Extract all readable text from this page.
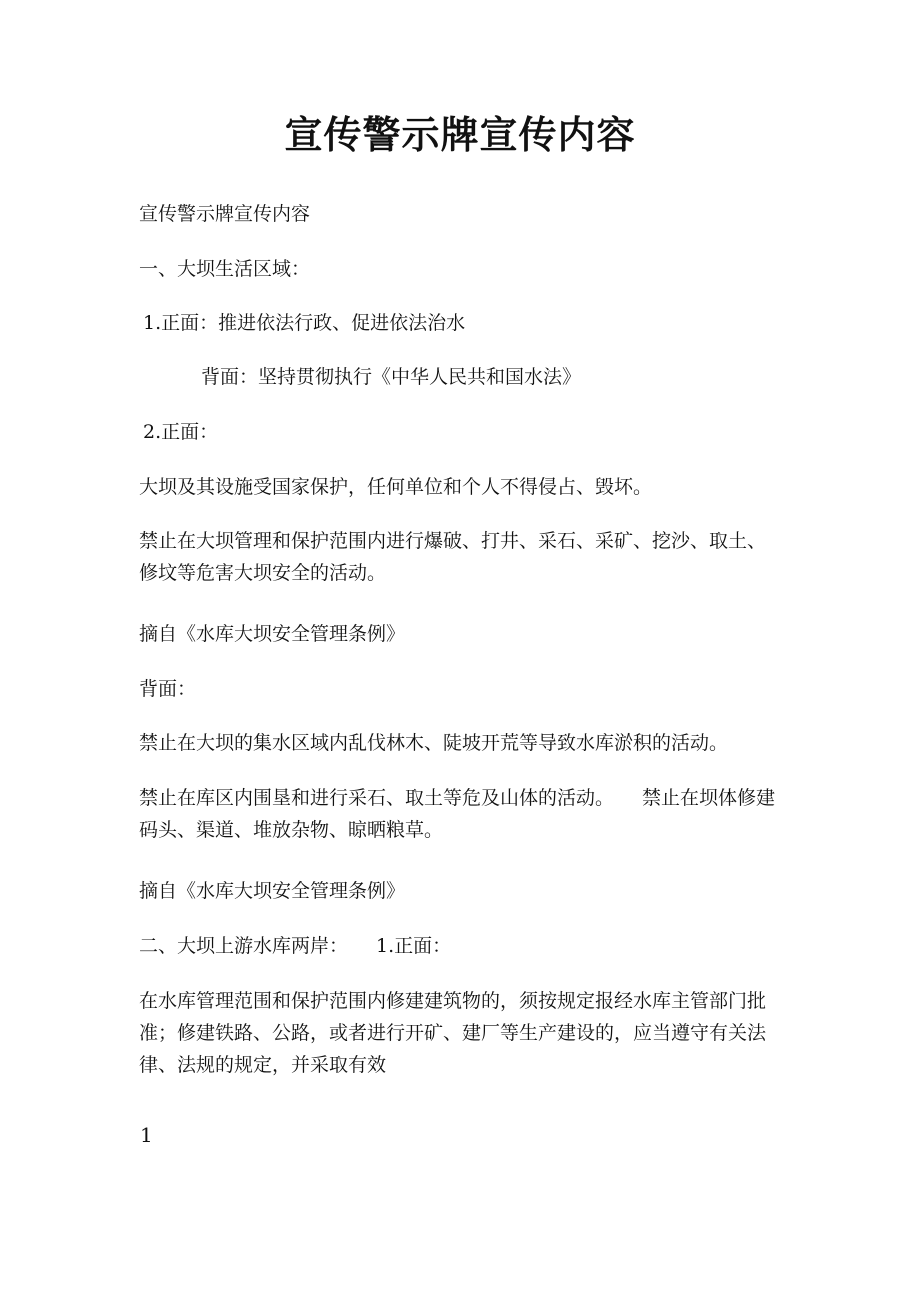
宣传警示牌宣传内容

宣传警示牌宣传内容

一、大坝生活区域：

1.正面：推进依法行政、促进依法治水

背面：坚持贯彻执行《中华人民共和国水法》

2.正面：

大坝及其设施受国家保护，任何单位和个人不得侵占、毁坏。

禁止在大坝管理和保护范围内进行爆破、打井、采石、采矿、挖沙、取土、修坟等危害大坝安全的活动。

摘自《水库大坝安全管理条例》

背面：

禁止在大坝的集水区域内乱伐林木、陡坡开荒等导致水库淤积的活动。

禁止在库区内围垦和进行采石、取土等危及山体的活动。 禁止在坝体修建码头、渠道、堆放杂物、晾晒粮草。

摘自《水库大坝安全管理条例》

二、大坝上游水库两岸： 1.正面：

在水库管理范围和保护范围内修建建筑物的，须按规定报经水库主管部门批准；修建铁路、公路，或者进行开矿、建厂等生产建设的，应当遵守有关法律、法规的规定，并采取有效

1
